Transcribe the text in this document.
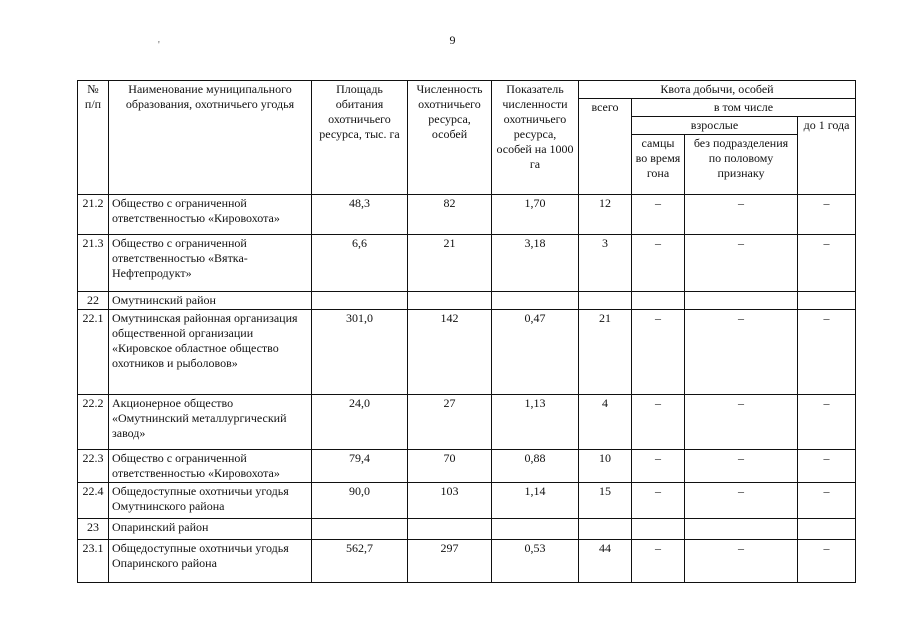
9
'
№ п/п	Наименование муниципального образования, охотничьего угодья	Площадь обитания охотничьего ресурса, тыс. га	Численность охотничьего ресурса, особей	Показатель численности охотничьего ресурса, особей на 1000 га	Квота добычи, особей			
					всего	в том числе		
						взрослые		до 1 года
						самцы во время гона	без подразделения по половому признаку	
21.2	Общество с ограниченной ответственностью «Кировохота»	48,3	82	1,70	12	–	–	–
21.3	Общество с ограниченной ответственностью «Вятка-Нефтепродукт»	6,6	21	3,18	3	–	–	–
22	Омутнинский район							
22.1	Омутнинская районная организация общественной организации «Кировское областное общество охотников и рыболовов»	301,0	142	0,47	21	–	–	–
22.2	Акционерное общество «Омутнинский металлургический завод»	24,0	27	1,13	4	–	–	–
22.3	Общество с ограниченной ответственностью «Кировохота»	79,4	70	0,88	10	–	–	–
22.4	Общедоступные охотничьи угодья Омутнинского района	90,0	103	1,14	15	–	–	–
23	Опаринский район							
23.1	Общедоступные охотничьи угодья Опаринского района	562,7	297	0,53	44	–	–	–
